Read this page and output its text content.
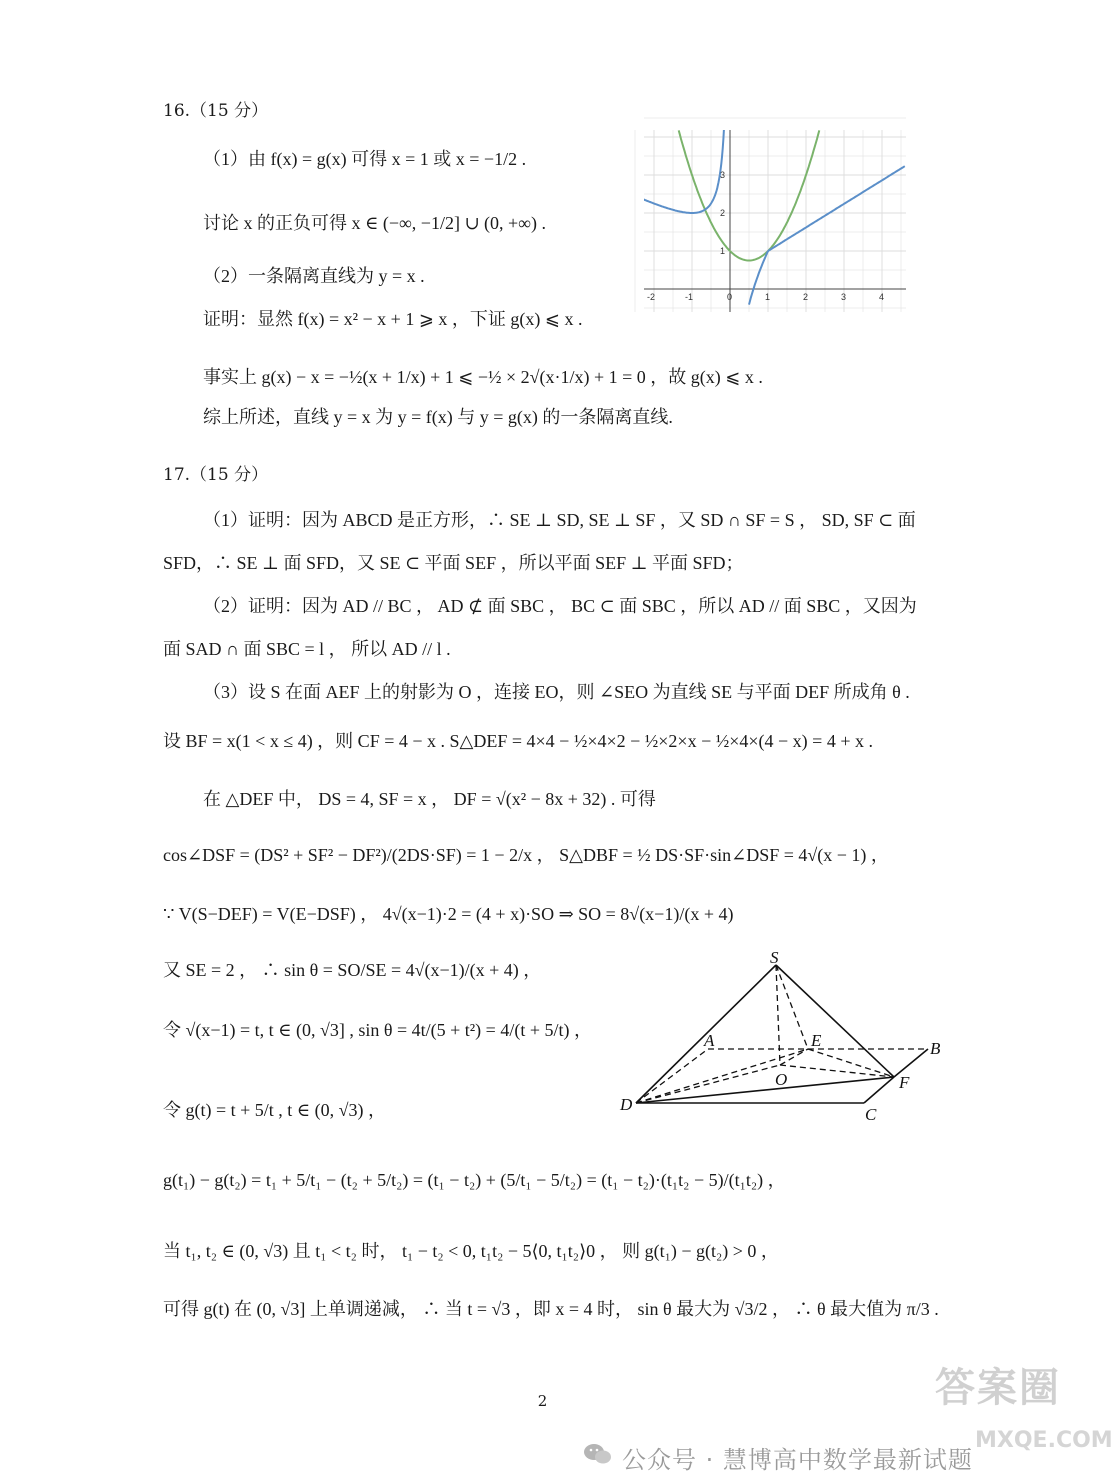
16.（15 分）
（1）由 f(x) = g(x) 可得 x = 1 或 x = −1/2 .
讨论 x 的正负可得 x ∈ (−∞, −1/2] ∪ (0, +∞) .
（2）一条隔离直线为 y = x .
证明：显然 f(x) = x² − x + 1 ⩾ x ，下证 g(x) ⩽ x .
事实上 g(x) − x = −½(x + 1/x) + 1 ⩽ −½ × 2√(x·1/x) + 1 = 0 ，故 g(x) ⩽ x .
综上所述，直线 y = x 为 y = f(x) 与 y = g(x) 的一条隔离直线.
-2	-1	0	1	2	3	4
1
2
3
17.（15 分）
（1）证明：因为 ABCD 是正方形，∴ SE ⊥ SD, SE ⊥ SF ，又 SD ∩ SF = S ， SD, SF ⊂ 面
SFD，∴ SE ⊥ 面 SFD，又 SE ⊂ 平面 SEF ，所以平面 SEF ⊥ 平面 SFD；
（2）证明：因为 AD // BC ， AD ⊄ 面 SBC ， BC ⊂ 面 SBC ，所以 AD // 面 SBC ，又因为
面 SAD ∩ 面 SBC = l ， 所以 AD // l .
（3）设 S 在面 AEF 上的射影为 O ，连接 EO，则 ∠SEO 为直线 SE 与平面 DEF 所成角 θ .
设 BF = x(1 < x ≤ 4) ，则 CF = 4 − x . S△DEF = 4×4 − ½×4×2 − ½×2×x − ½×4×(4 − x) = 4 + x .
在 △DEF 中， DS = 4, SF = x ， DF = √(x² − 8x + 32) . 可得
cos∠DSF = (DS² + SF² − DF²)/(2DS·SF) = 1 − 2/x ， S△DBF = ½ DS·SF·sin∠DSF = 4√(x − 1) ，
∵ V(S−DEF) = V(E−DSF) ， 4√(x−1)·2 = (4 + x)·SO ⇒ SO = 8√(x−1)/(x + 4)
又 SE = 2 ， ∴ sin θ = SO/SE = 4√(x−1)/(x + 4) ，
令 √(x−1) = t, t ∈ (0, √3] , sin θ = 4t/(5 + t²) = 4/(t + 5/t) ，
令 g(t) = t + 5/t , t ∈ (0, √3) ，
g(t₁) − g(t₂) = t₁ + 5/t₁ − (t₂ + 5/t₂) = (t₁ − t₂) + (5/t₁ − 5/t₂) = (t₁ − t₂)·(t₁t₂ − 5)/(t₁t₂) ，
当 t₁, t₂ ∈ (0, √3) 且 t₁ < t₂ 时， t₁ − t₂ < 0, t₁t₂ − 5⟨0, t₁t₂⟩0 ， 则 g(t₁) − g(t₂) > 0 ，
可得 g(t) 在 (0, √3] 上单调递减， ∴ 当 t = √3 ，即 x = 4 时， sin θ 最大为 √3/2 ， ∴ θ 最大值为 π/3 .
S
A	E	B
O	F
D
C
2	答案圈
MXQE.COM
公众号 · 慧博高中数学最新试题
